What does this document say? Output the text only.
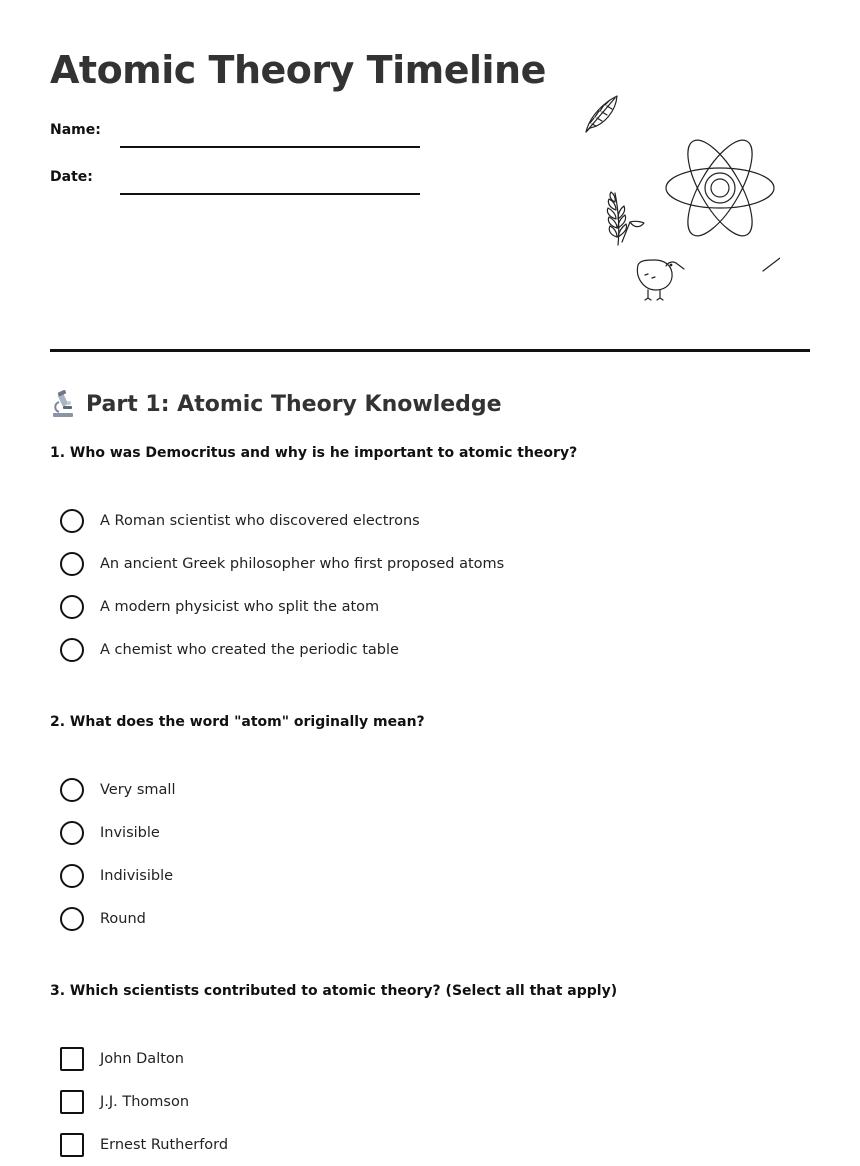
Atomic Theory Timeline
Name:
Date:
Part 1: Atomic Theory Knowledge

1. Who was Democritus and why is he important to atomic theory?

A Roman scientist who discovered electrons
An ancient Greek philosopher who first proposed atoms
A modern physicist who split the atom
A chemist who created the periodic table

2. What does the word "atom" originally mean?

Very small
Invisible
Indivisible
Round

3. Which scientists contributed to atomic theory? (Select all that apply)

John Dalton
J.J. Thomson
Ernest Rutherford
